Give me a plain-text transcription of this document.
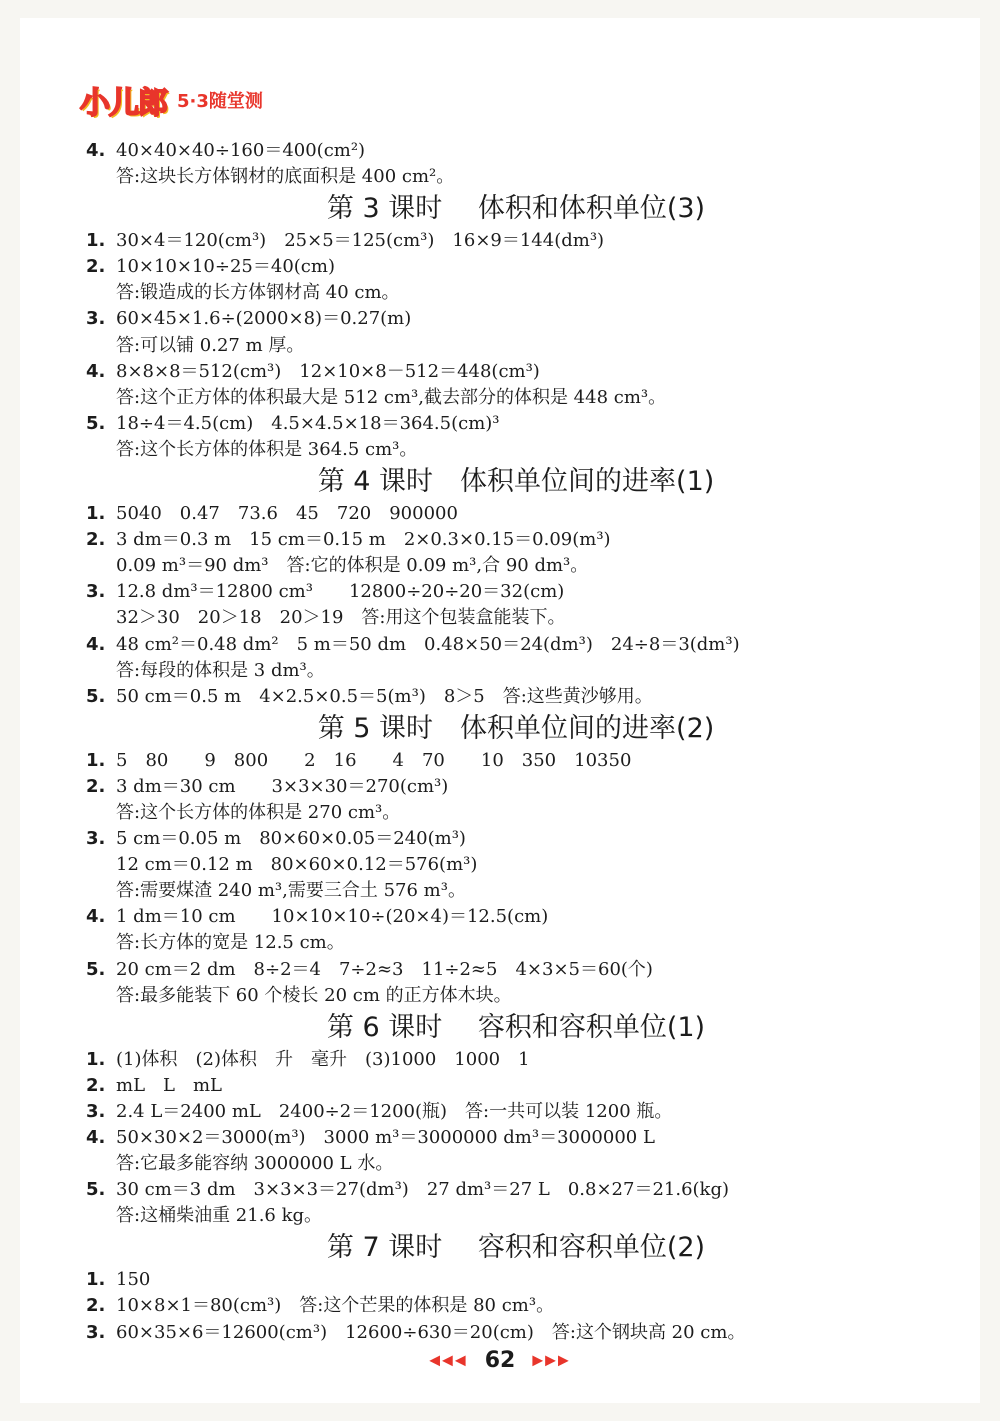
小儿郎 5·3随堂测
4. 40×40×40÷160＝400(cm²)
答:这块长方体钢材的底面积是 400 cm²。
第 3 课时　 体积和体积单位(3)
1. 30×4＝120(cm³)　25×5＝125(cm³)　16×9＝144(dm³)
2. 10×10×10÷25＝40(cm)
答:锻造成的长方体钢材高 40 cm。
3. 60×45×1.6÷(2000×8)＝0.27(m)
答:可以铺 0.27 m 厚。
4. 8×8×8＝512(cm³)　12×10×8－512＝448(cm³)
答:这个正方体的体积最大是 512 cm³,截去部分的体积是 448 cm³。
5. 18÷4＝4.5(cm)　4.5×4.5×18＝364.5(cm)³
答:这个长方体的体积是 364.5 cm³。
第 4 课时　体积单位间的进率(1)
1. 5040　0.47　73.6　45　720　900000
2. 3 dm＝0.3 m　15 cm＝0.15 m　2×0.3×0.15＝0.09(m³)
0.09 m³＝90 dm³　答:它的体积是 0.09 m³,合 90 dm³。
3. 12.8 dm³＝12800 cm³　　12800÷20÷20＝32(cm)
32＞30　20＞18　20＞19　答:用这个包装盒能装下。
4. 48 cm²＝0.48 dm²　5 m＝50 dm　0.48×50＝24(dm³)　24÷8＝3(dm³)
答:每段的体积是 3 dm³。
5. 50 cm＝0.5 m　4×2.5×0.5＝5(m³)　8＞5　答:这些黄沙够用。
第 5 课时　体积单位间的进率(2)
1. 5　80　　9　800　　2　16　　4　70　　10　350　10350
2. 3 dm＝30 cm　　3×3×30＝270(cm³)
答:这个长方体的体积是 270 cm³。
3. 5 cm＝0.05 m　80×60×0.05＝240(m³)
12 cm＝0.12 m　80×60×0.12＝576(m³)
答:需要煤渣 240 m³,需要三合土 576 m³。
4. 1 dm＝10 cm　　10×10×10÷(20×4)＝12.5(cm)
答:长方体的宽是 12.5 cm。
5. 20 cm＝2 dm　8÷2＝4　7÷2≈3　11÷2≈5　4×3×5＝60(个)
答:最多能装下 60 个棱长 20 cm 的正方体木块。
第 6 课时　 容积和容积单位(1)
1. (1)体积　(2)体积　升　毫升　(3)1000　1000　1
2. mL　L　mL
3. 2.4 L＝2400 mL　2400÷2＝1200(瓶)　答:一共可以装 1200 瓶。
4. 50×30×2＝3000(m³)　3000 m³＝3000000 dm³＝3000000 L
答:它最多能容纳 3000000 L 水。
5. 30 cm＝3 dm　3×3×3＝27(dm³)　27 dm³＝27 L　0.8×27＝21.6(kg)
答:这桶柴油重 21.6 kg。
第 7 课时　 容积和容积单位(2)
1. 150
2. 10×8×1＝80(cm³)　答:这个芒果的体积是 80 cm³。
3. 60×35×6＝12600(cm³)　12600÷630＝20(cm)　答:这个钢块高 20 cm。
◀◀◀ 62 ▶▶▶
